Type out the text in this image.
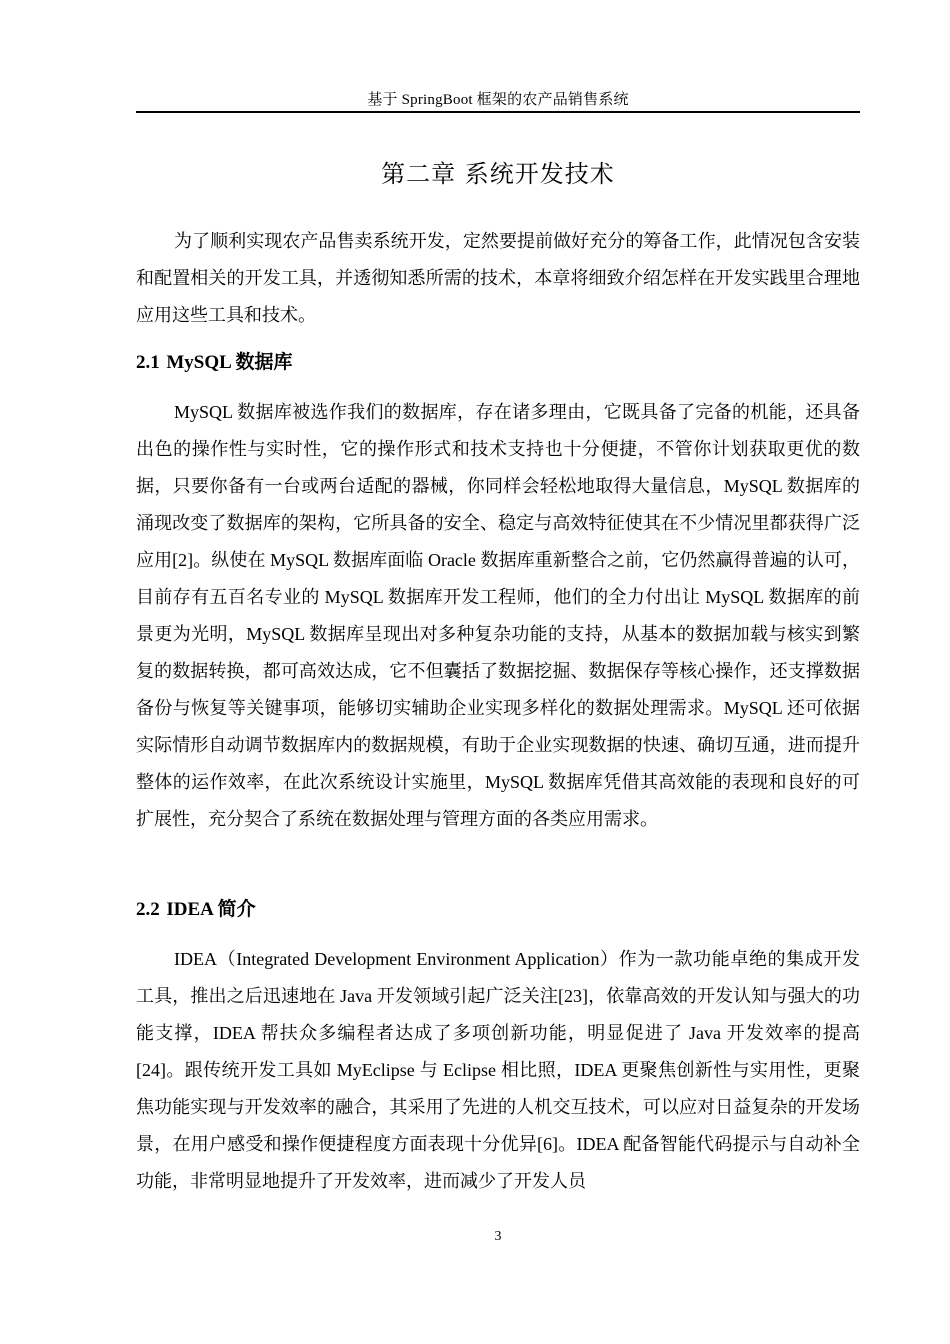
基于 SpringBoot 框架的农产品销售系统
第二章 系统开发技术

为了顺利实现农产品售卖系统开发，定然要提前做好充分的筹备工作，此情况包含安装和配置相关的开发工具，并透彻知悉所需的技术，本章将细致介绍怎样在开发实践里合理地应用这些工具和技术。

2.1 MySQL 数据库

MySQL 数据库被选作我们的数据库，存在诸多理由，它既具备了完备的机能，还具备出色的操作性与实时性，它的操作形式和技术支持也十分便捷，不管你计划获取更优的数据，只要你备有一台或两台适配的器械，你同样会轻松地取得大量信息，MySQL 数据库的涌现改变了数据库的架构，它所具备的安全、稳定与高效特征使其在不少情况里都获得广泛应用[2]。纵使在 MySQL 数据库面临 Oracle 数据库重新整合之前，它仍然赢得普遍的认可，目前存有五百名专业的 MySQL 数据库开发工程师，他们的全力付出让 MySQL 数据库的前景更为光明，MySQL 数据库呈现出对多种复杂功能的支持，从基本的数据加载与核实到繁复的数据转换，都可高效达成，它不但囊括了数据挖掘、数据保存等核心操作，还支撑数据备份与恢复等关键事项，能够切实辅助企业实现多样化的数据处理需求。MySQL 还可依据实际情形自动调节数据库内的数据规模，有助于企业实现数据的快速、确切互通，进而提升整体的运作效率，在此次系统设计实施里，MySQL 数据库凭借其高效能的表现和良好的可扩展性，充分契合了系统在数据处理与管理方面的各类应用需求。

2.2 IDEA 简介

IDEA（Integrated Development Environment Application）作为一款功能卓绝的集成开发工具，推出之后迅速地在 Java 开发领域引起广泛关注[23]，依靠高效的开发认知与强大的功能支撑，IDEA 帮扶众多编程者达成了多项创新功能，明显促进了 Java 开发效率的提高[24]。跟传统开发工具如 MyEclipse 与 Eclipse 相比照，IDEA 更聚焦创新性与实用性，更聚焦功能实现与开发效率的融合，其采用了先进的人机交互技术，可以应对日益复杂的开发场景，在用户感受和操作便捷程度方面表现十分优异[6]。IDEA 配备智能代码提示与自动补全功能，非常明显地提升了开发效率，进而减少了开发人员

3
